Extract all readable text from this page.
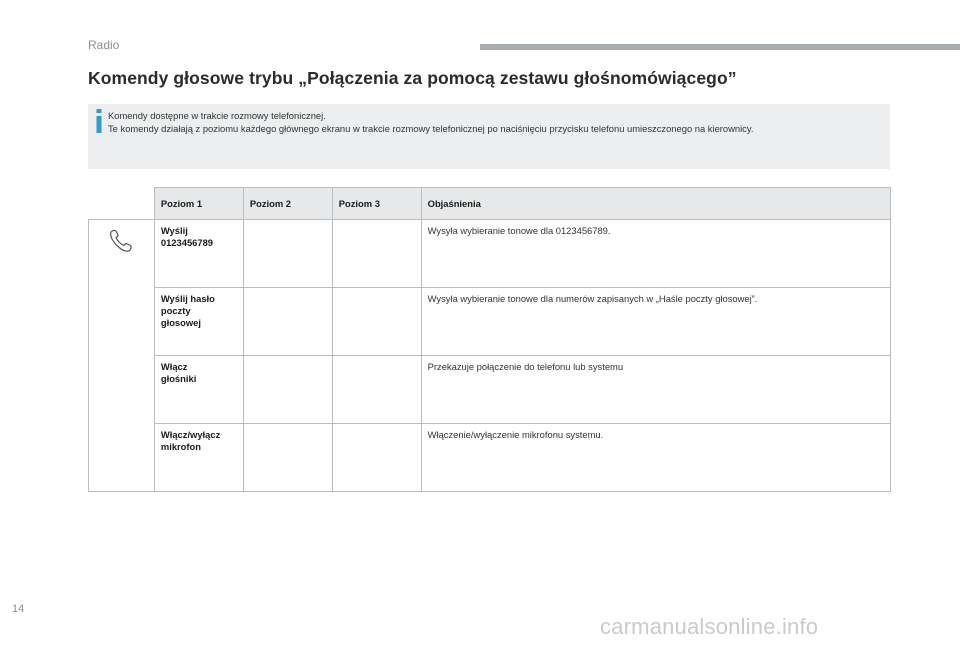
Radio
Komendy głosowe trybu „Połączenia za pomocą zestawu głośnomówiącego”
Komendy dostępne w trakcie rozmowy telefonicznej.
Te komendy działają z poziomu każdego głównego ekranu w trakcie rozmowy telefonicznej po naciśnięciu przycisku telefonu umieszczonego na kierownicy.
	Poziom 1	Poziom 2	Poziom 3	Objaśnienia

Wyślij
0123456789			Wysyła wybieranie tonowe dla 0123456789.

	Wyślij hasło
poczty
głosowej			Wysyła wybieranie tonowe dla numerów zapisanych w „Haśle poczty głosowej”.

	Włącz
głośniki			Przekazuje połączenie do telefonu lub systemu

	Włącz/wyłącz
mikrofon			Włączenie/wyłączenie mikrofonu systemu.
14
carmanualsonline.info
